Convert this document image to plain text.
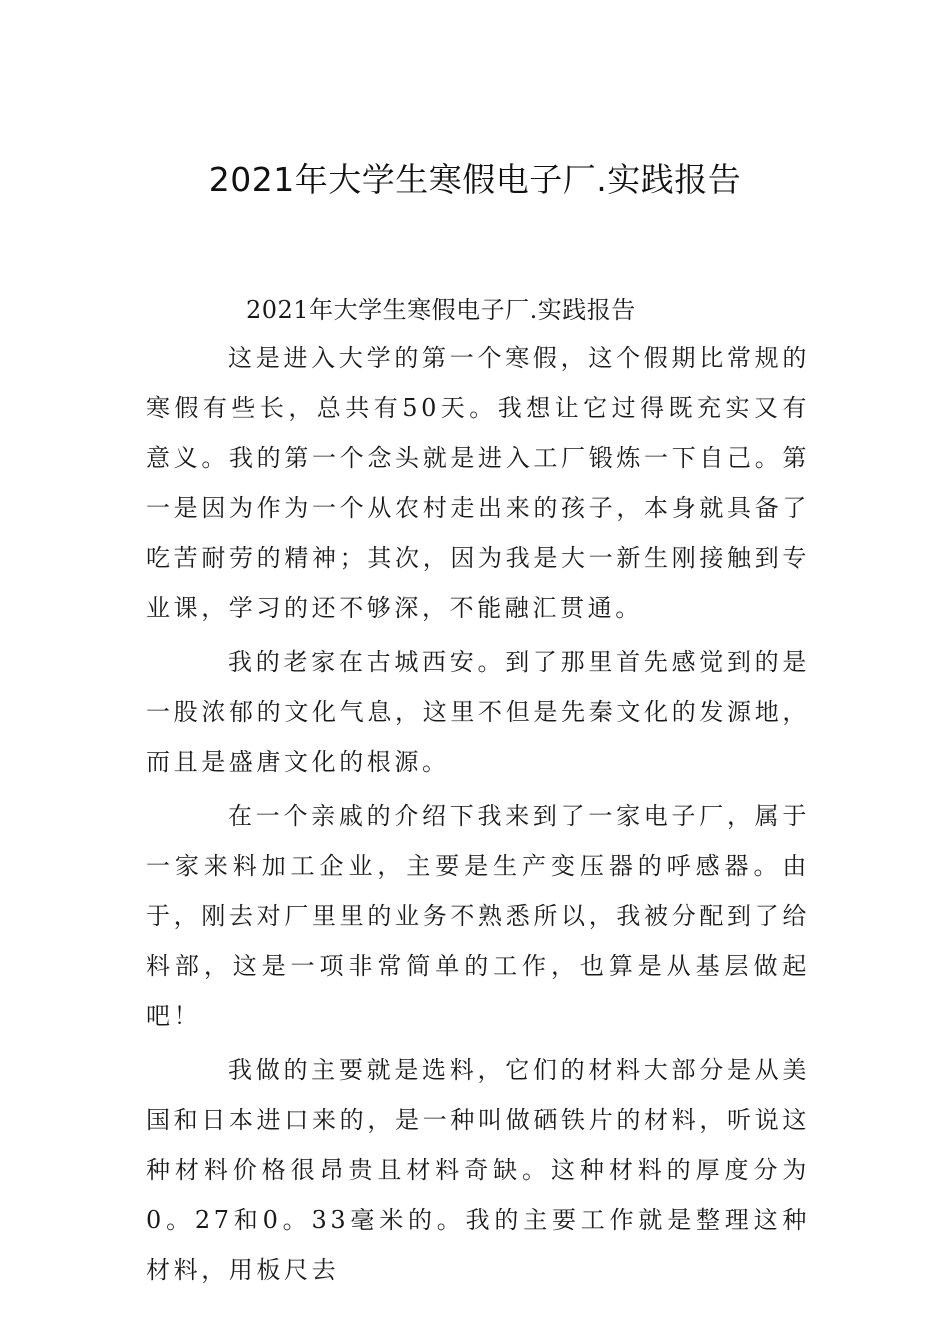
2021年大学生寒假电子厂.实践报告

2021年大学生寒假电子厂.实践报告

这是进入大学的第一个寒假，这个假期比常规的寒假有些长，总共有50天。我想让它过得既充实又有意义。我的第一个念头就是进入工厂锻炼一下自己。第一是因为作为一个从农村走出来的孩子，本身就具备了吃苦耐劳的精神；其次，因为我是大一新生刚接触到专业课，学习的还不够深，不能融汇贯通。

我的老家在古城西安。到了那里首先感觉到的是一股浓郁的文化气息，这里不但是先秦文化的发源地，而且是盛唐文化的根源。

在一个亲戚的介绍下我来到了一家电子厂，属于一家来料加工企业，主要是生产变压器的呼感器。由于，刚去对厂里里的业务不熟悉所以，我被分配到了给料部，这是一项非常简单的工作，也算是从基层做起吧！

我做的主要就是选料，它们的材料大部分是从美国和日本进口来的，是一种叫做硒铁片的材料，听说这种材料价格很昂贵且材料奇缺。这种材料的厚度分为0。27和0。33毫米的。我的主要工作就是整理这种材料，用板尺去
